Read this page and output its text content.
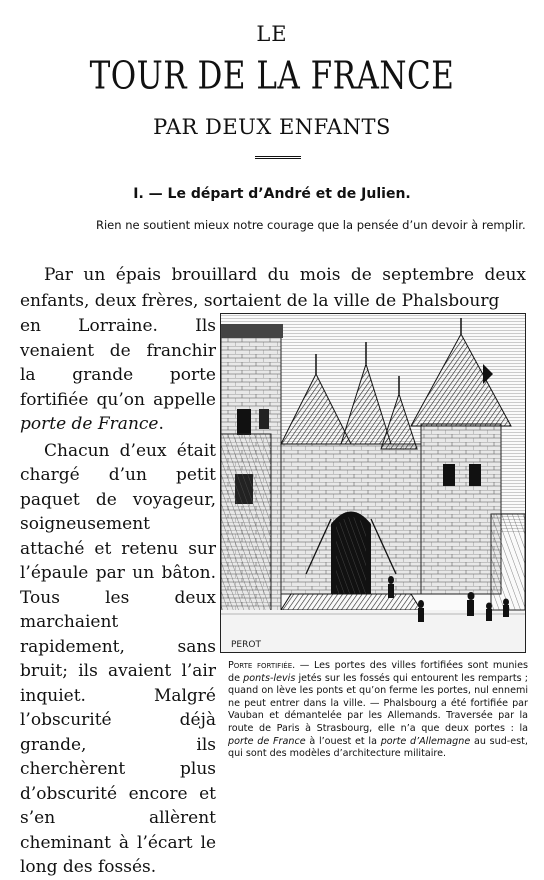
LE
TOUR DE LA FRANCE
PAR DEUX ENFANTS
I. — Le départ d’André et de Julien.
Rien ne soutient mieux notre courage que la pensée d’un devoir à remplir.
Par un épais brouillard du mois de septembre deux enfants, deux frères, sortaient de la ville de Phalsbourg

en Lorraine. Ils venaient de franchir la grande porte fortifiée qu’on appelle porte de France.

Chacun d’eux était chargé d’un petit paquet de voyageur, soigneusement attaché et retenu sur l’épaule par un bâton. Tous les deux marchaient rapidement, sans bruit; ils avaient l’air inquiet. Malgré l’obscurité déjà grande, ils cherchèrent plus d’obscurité encore et s’en allèrent cheminant à l’écart le long des fossés.

PEROT
Porte fortifiée. — Les portes des villes fortifiées sont munies de ponts-levis jetés sur les fossés qui entourent les remparts ; quand on lève les ponts et qu’on ferme les portes, nul ennemi ne peut entrer dans la ville. — Phalsbourg a été fortifiée par Vauban et démantelée par les Allemands. Traversée par la route de Paris à Strasbourg, elle n’a que deux portes : la porte de France à l’ouest et la porte d’Allemagne au sud-est, qui sont des modèles d’architecture militaire.
